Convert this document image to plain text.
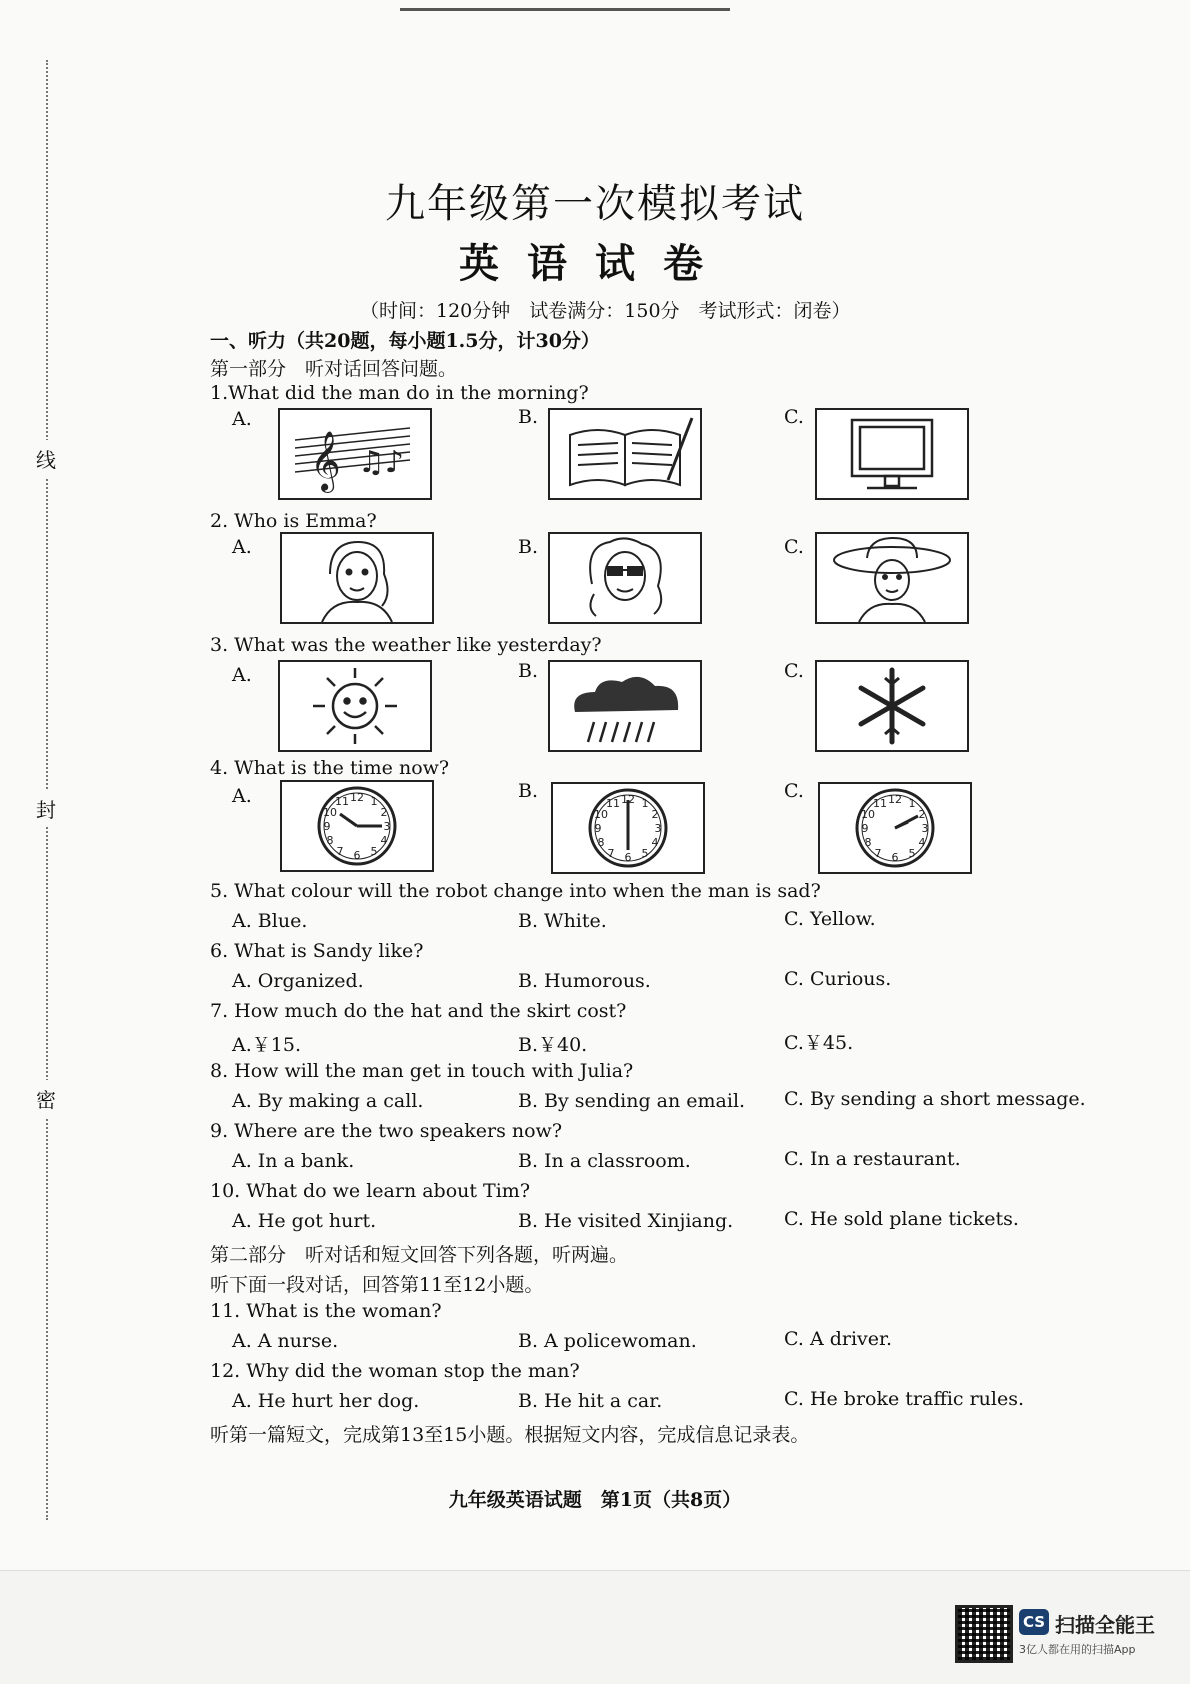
线
封
密
九年级第一次模拟考试
英语试卷
（时间：120分钟　试卷满分：150分　考试形式：闭卷）
一、听力（共20题，每小题1.5分，计30分）
第一部分　听对话回答问题。
1.What did the man do in the morning?
A.
𝄞 ♫♪
B.	C.
2. Who is Emma?
A.	B.	C.
3. What was the weather like yesterday?
A.	B.	C.
4. What is the time now?
A.	12 1
2
3
4
5
6
7
8
9
10
11	B.	12 1
2
3
4
5
6
7
8
9
10
11
C.	12 1
2
3
4
5
6
7
8
9
10
11
5. What colour will the robot change into when the man is sad?
A. Blue.	B. White.	C. Yellow.
6. What is Sandy like?
A. Organized.	B. Humorous.	C. Curious.
7. How much do the hat and the skirt cost?
A.￥15.	B.￥40.	C.￥45.
8. How will the man get in touch with Julia?
A. By making a call.	B. By sending an email. C. By sending a short message.
9. Where are the two speakers now?
A. In a bank.	B. In a classroom.	C. In a restaurant.
10. What do we learn about Tim?
A. He got hurt.	B. He visited Xinjiang.	C. He sold plane tickets.
第二部分　听对话和短文回答下列各题，听两遍。
听下面一段对话，回答第11至12小题。
11. What is the woman?
A. A nurse.	B. A policewoman.	C. A driver.
12. Why did the woman stop the man?
A. He hurt her dog.	B. He hit a car.	C. He broke traffic rules.
听第一篇短文，完成第13至15小题。根据短文内容，完成信息记录表。
九年级英语试题　第1页（共8页）
CS 扫描全能王
3亿人都在用的扫描App
